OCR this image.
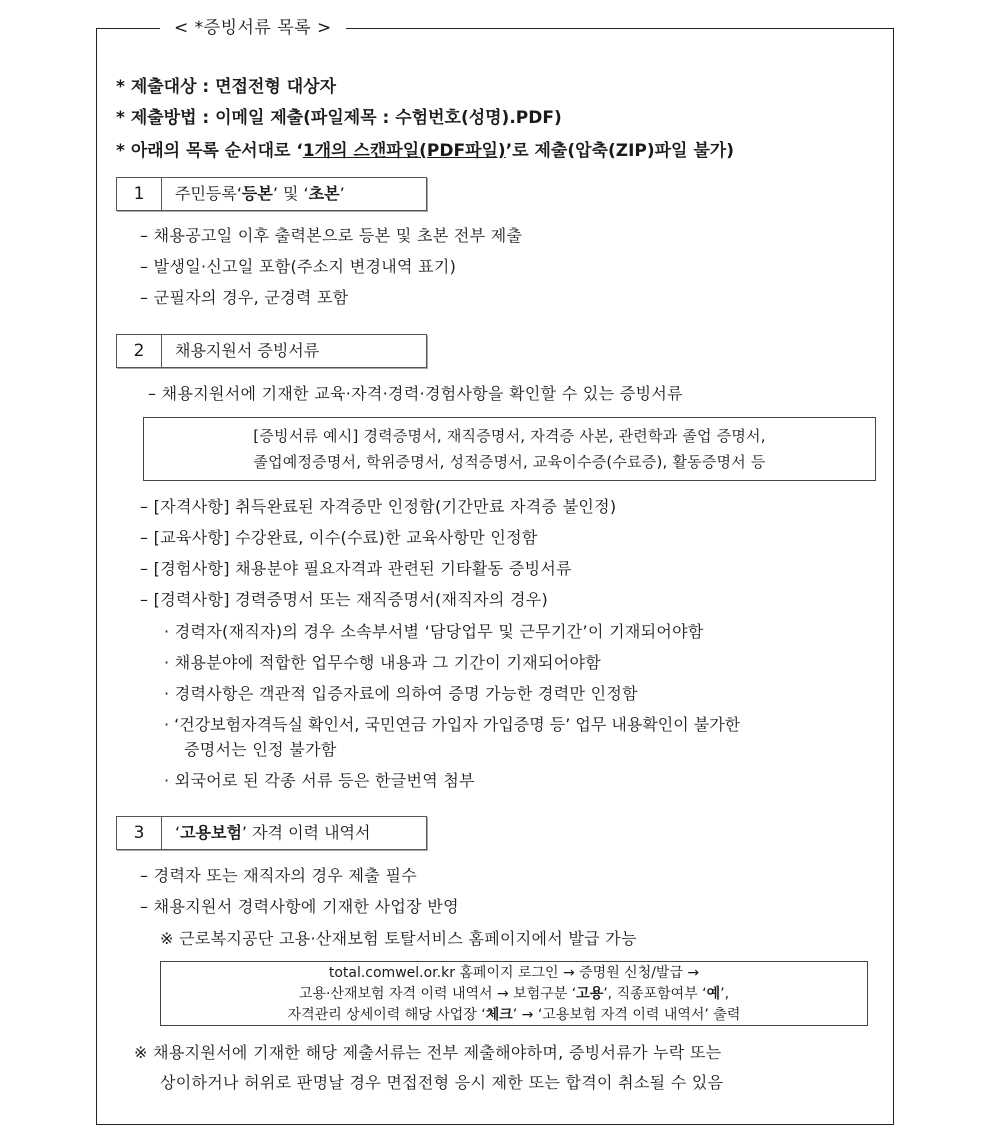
< *증빙서류 목록 >
* 제출대상 : 면접전형 대상자
* 제출방법 : 이메일 제출(파일제목 : 수험번호(성명).PDF)
* 아래의 목록 순서대로 ‘1개의 스캔파일(PDF파일)’로 제출(압축(ZIP)파일 불가)
1	주민등록‘등본’ 및 ‘초본’
– 채용공고일 이후 출력본으로 등본 및 초본 전부 제출
– 발생일·신고일 포함(주소지 변경내역 표기)
– 군필자의 경우, 군경력 포함
2	채용지원서 증빙서류
– 채용지원서에 기재한 교육·자격·경력·경험사항을 확인할 수 있는 증빙서류
[증빙서류 예시] 경력증명서, 재직증명서, 자격증 사본, 관련학과 졸업 증명서,
졸업예정증명서, 학위증명서, 성적증명서, 교육이수증(수료증), 활동증명서 등
– [자격사항] 취득완료된 자격증만 인정함(기간만료 자격증 불인정)
– [교육사항] 수강완료, 이수(수료)한 교육사항만 인정함
– [경험사항] 채용분야 필요자격과 관련된 기타활동 증빙서류
– [경력사항] 경력증명서 또는 재직증명서(재직자의 경우)
· 경력자(재직자)의 경우 소속부서별 ‘담당업무 및 근무기간’이 기재되어야함
· 채용분야에 적합한 업무수행 내용과 그 기간이 기재되어야함
· 경력사항은 객관적 입증자료에 의하여 증명 가능한 경력만 인정함
· ‘건강보험자격득실 확인서, 국민연금 가입자 가입증명 등’ 업무 내용확인이 불가한
증명서는 인정 불가함
· 외국어로 된 각종 서류 등은 한글번역 첨부
3	‘고용보험’ 자격 이력 내역서
– 경력자 또는 재직자의 경우 제출 필수
– 채용지원서 경력사항에 기재한 사업장 반영
※ 근로복지공단 고용·산재보험 토탈서비스 홈페이지에서 발급 가능
total.comwel.or.kr 홈페이지 로그인 → 증명원 신청/발급 →
고용·산재보험 자격 이력 내역서 → 보험구분 ‘고용’, 직종포함여부 ‘예’,
자격관리 상세이력 해당 사업장 ‘체크’ → ‘고용보험 자격 이력 내역서’ 출력
※ 채용지원서에 기재한 해당 제출서류는 전부 제출해야하며, 증빙서류가 누락 또는
상이하거나 허위로 판명날 경우 면접전형 응시 제한 또는 합격이 취소될 수 있음
